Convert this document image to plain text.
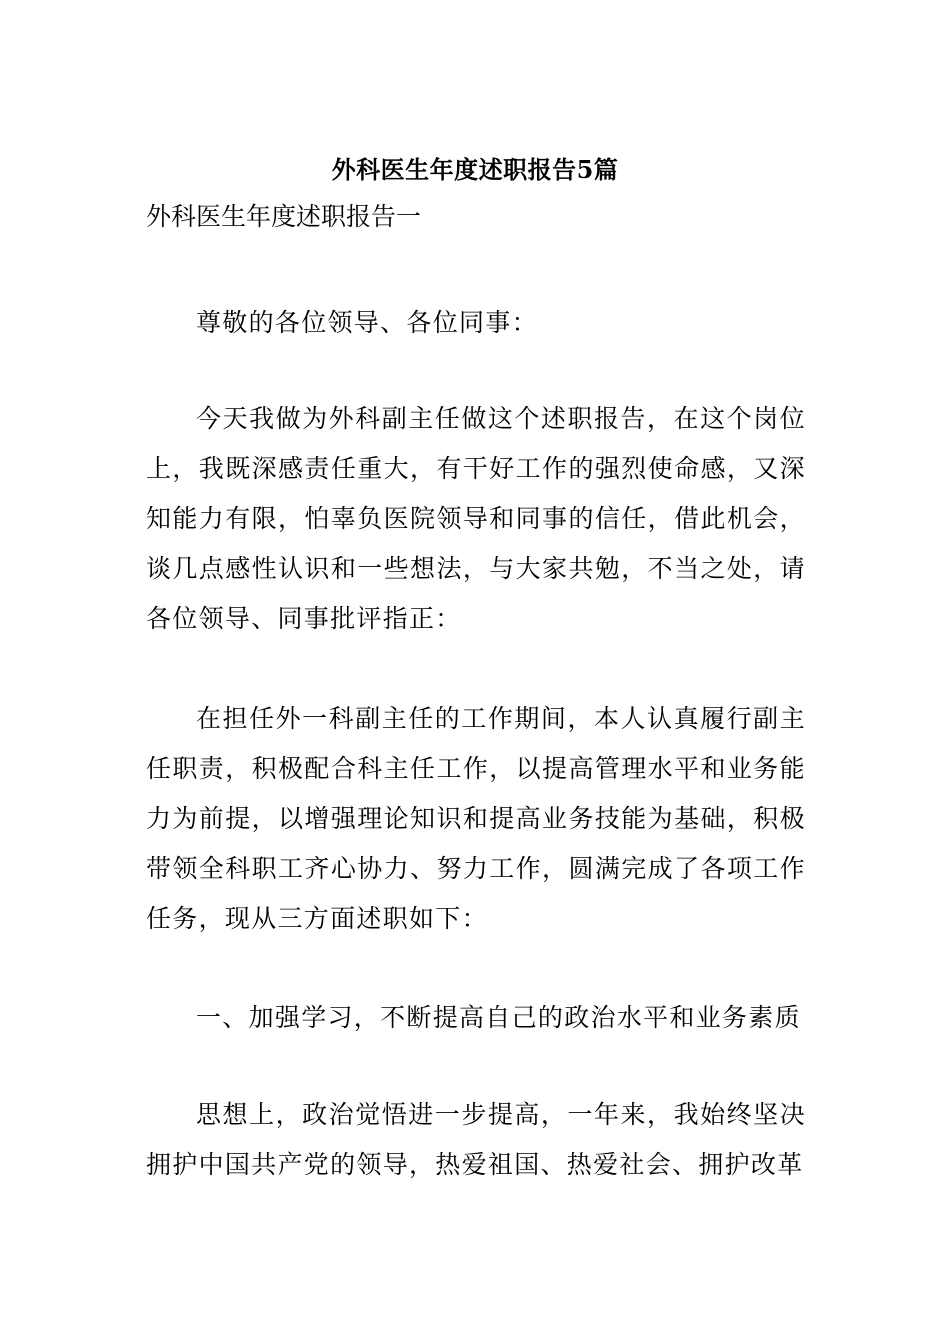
外科医生年度述职报告5篇
外科医生年度述职报告一

尊敬的各位领导、各位同事：

今天我做为外科副主任做这个述职报告，在这个岗位上，我既深感责任重大，有干好工作的强烈使命感，又深知能力有限，怕辜负医院领导和同事的信任，借此机会，谈几点感性认识和一些想法，与大家共勉，不当之处，请各位领导、同事批评指正：

在担任外一科副主任的工作期间，本人认真履行副主任职责，积极配合科主任工作，以提高管理水平和业务能力为前提，以增强理论知识和提高业务技能为基础，积极带领全科职工齐心协力、努力工作，圆满完成了各项工作任务，现从三方面述职如下：

一、加强学习，不断提高自己的政治水平和业务素质

思想上，政治觉悟进一步提高，一年来，我始终坚决拥护中国共产党的领导，热爱祖国、热爱社会、拥护改革
